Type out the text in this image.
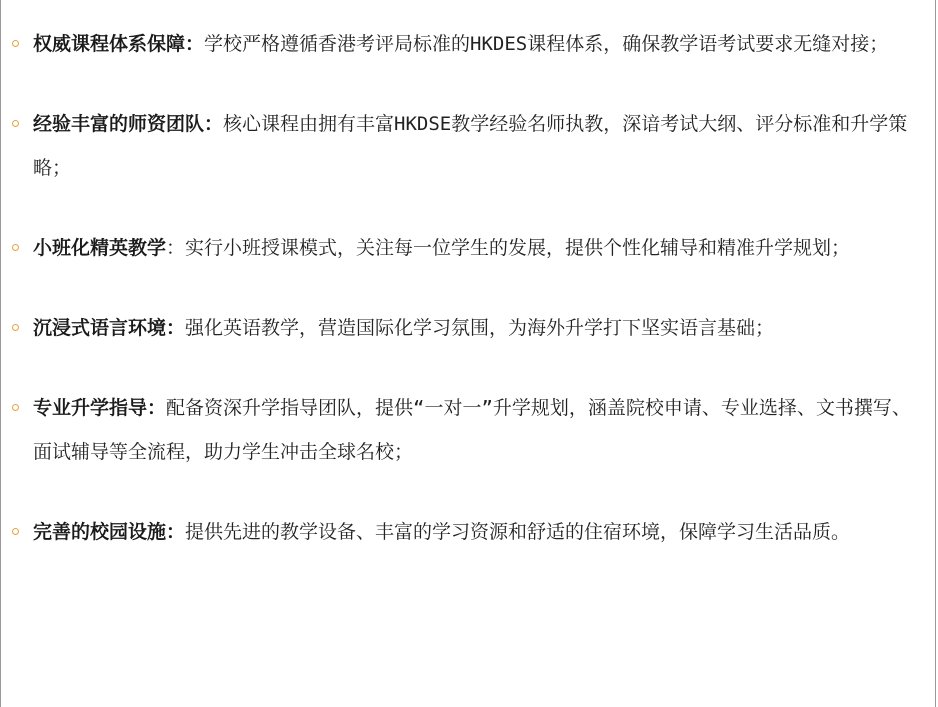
权威课程体系保障：学校严格遵循香港考评局标准的HKDES课程体系，确保教学语考试要求无缝对接；
经验丰富的师资团队：核心课程由拥有丰富HKDSE教学经验名师执教，深谙考试大纲、评分标准和升学策略；
小班化精英教学：实行小班授课模式，关注每一位学生的发展，提供个性化辅导和精准升学规划；
沉浸式语言环境：强化英语教学，营造国际化学习氛围，为海外升学打下坚实语言基础；
专业升学指导：配备资深升学指导团队，提供“一对一”升学规划，涵盖院校申请、专业选择、文书撰写、面试辅导等全流程，助力学生冲击全球名校；
完善的校园设施：提供先进的教学设备、丰富的学习资源和舒适的住宿环境，保障学习生活品质。
